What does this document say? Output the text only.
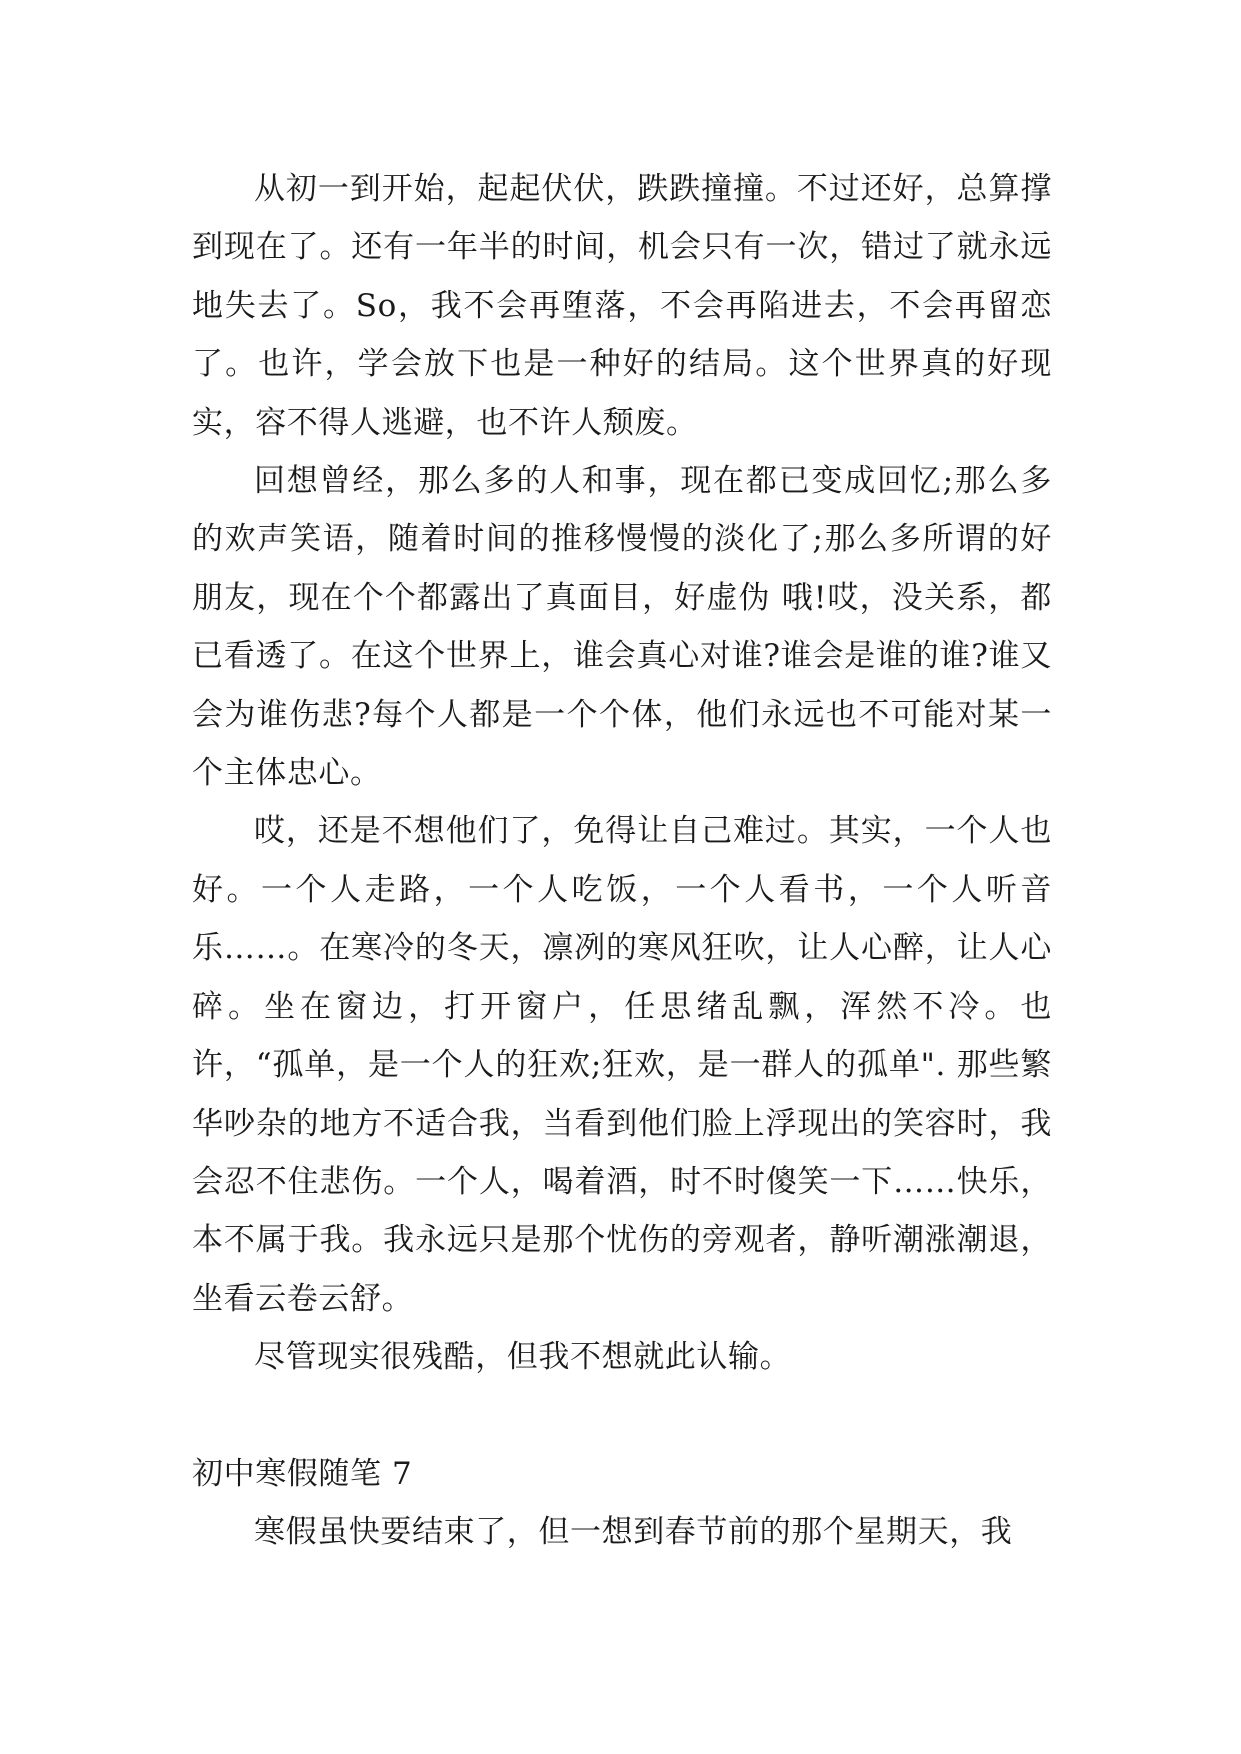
从初一到开始，起起伏伏，跌跌撞撞。不过还好，总算撑到现在了。还有一年半的时间，机会只有一次，错过了就永远地失去了。So，我不会再堕落，不会再陷进去，不会再留恋了。也许，学会放下也是一种好的结局。这个世界真的好现实，容不得人逃避，也不许人颓废。

回想曾经，那么多的人和事，现在都已变成回忆;那么多的欢声笑语，随着时间的推移慢慢的淡化了;那么多所谓的好朋友，现在个个都露出了真面目，好虚伪 哦!哎，没关系，都已看透了。在这个世界上，谁会真心对谁?谁会是谁的谁?谁又会为谁伤悲?每个人都是一个个体，他们永远也不可能对某一个主体忠心。

哎，还是不想他们了，免得让自己难过。其实，一个人也好。一个人走路，一个人吃饭，一个人看书，一个人听音乐……。在寒冷的冬天，凛冽的寒风狂吹，让人心醉，让人心碎。坐在窗边，打开窗户，任思绪乱飘，浑然不冷。也许，“孤单，是一个人的狂欢;狂欢，是一群人的孤单". 那些繁华吵杂的地方不适合我，当看到他们脸上浮现出的笑容时，我会忍不住悲伤。一个人，喝着酒，时不时傻笑一下……快乐，本不属于我。我永远只是那个忧伤的旁观者，静听潮涨潮退，坐看云卷云舒。

尽管现实很残酷，但我不想就此认输。

初中寒假随笔 7

寒假虽快要结束了，但一想到春节前的那个星期天，我
